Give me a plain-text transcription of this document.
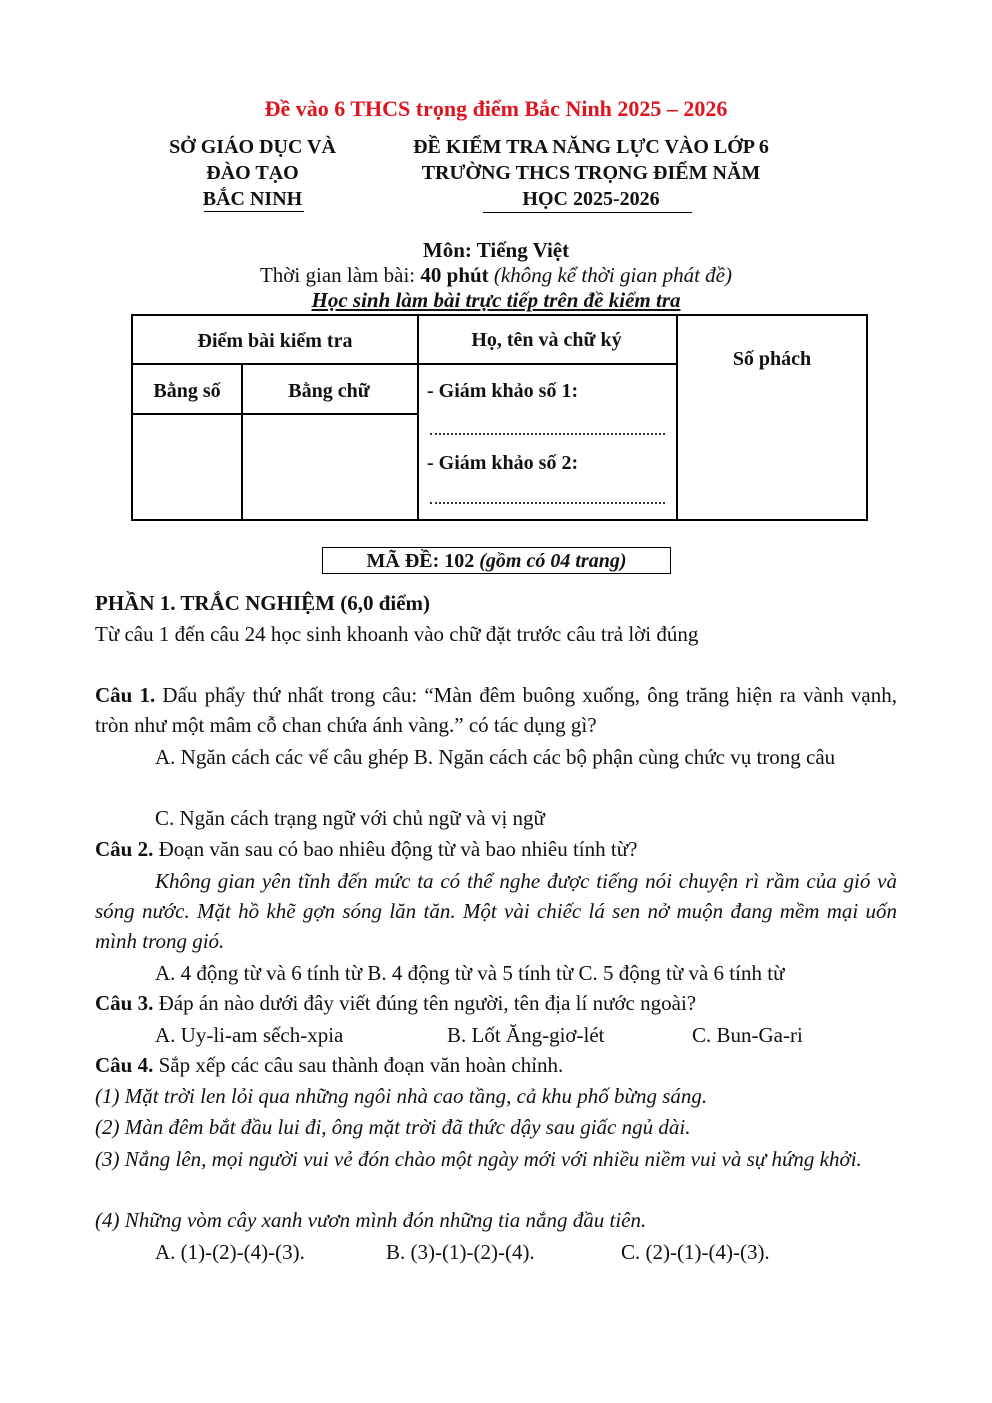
Đề vào 6 THCS trọng điểm Bắc Ninh 2025 – 2026
SỞ GIÁO DỤC VÀ
ĐÀO TẠO
BẮC NINH
ĐỀ KIỂM TRA NĂNG LỰC VÀO LỚP 6
TRƯỜNG THCS TRỌNG ĐIỂM NĂM
HỌC 2025-2026
Môn: Tiếng Việt
Thời gian làm bài: 40 phút (không kể thời gian phát đề)
Học sinh làm bài trực tiếp trên đề kiểm tra
Điểm bài kiểm tra	Họ, tên và chữ ký
Số phách
Bằng số	Bằng chữ	- Giám khảo số 1:
- Giám khảo số 2:
MÃ ĐỀ: 102 (gồm có 04 trang)
PHẦN 1. TRẮC NGHIỆM (6,0 điểm)
Từ câu 1 đến câu 24 học sinh khoanh vào chữ đặt trước câu trả lời đúng
Câu 1. Dấu phẩy thứ nhất trong câu: “Màn đêm buông xuống, ông trăng hiện ra vành vạnh, tròn như một mâm cỗ chan chứa ánh vàng.” có tác dụng gì?
A. Ngăn cách các vế câu ghép B. Ngăn cách các bộ phận cùng chức vụ trong câu
C. Ngăn cách trạng ngữ với chủ ngữ và vị ngữ
Câu 2. Đoạn văn sau có bao nhiêu động từ và bao nhiêu tính từ?
Không gian yên tĩnh đến mức ta có thể nghe được tiếng nói chuyện rì rầm của gió và sóng nước. Mặt hồ khẽ gợn sóng lăn tăn. Một vài chiếc lá sen nở muộn đang mềm mại uốn mình trong gió.
A. 4 động từ và 6 tính từ B. 4 động từ và 5 tính từ C. 5 động từ và 6 tính từ
Câu 3. Đáp án nào dưới đây viết đúng tên người, tên địa lí nước ngoài?
A. Uy-li-am sếch-xpia	B. Lốt Ăng-giơ-lét	C. Bun-Ga-ri
Câu 4. Sắp xếp các câu sau thành đoạn văn hoàn chỉnh.
(1) Mặt trời len lỏi qua những ngôi nhà cao tầng, cả khu phố bừng sáng.
(2) Màn đêm bắt đầu lui đi, ông mặt trời đã thức dậy sau giấc ngủ dài.
(3) Nắng lên, mọi người vui vẻ đón chào một ngày mới với nhiều niềm vui và sự hứng khởi.
(4) Những vòm cây xanh vươn mình đón những tia nắng đầu tiên.
A. (1)-(2)-(4)-(3).	B. (3)-(1)-(2)-(4).	C. (2)-(1)-(4)-(3).
